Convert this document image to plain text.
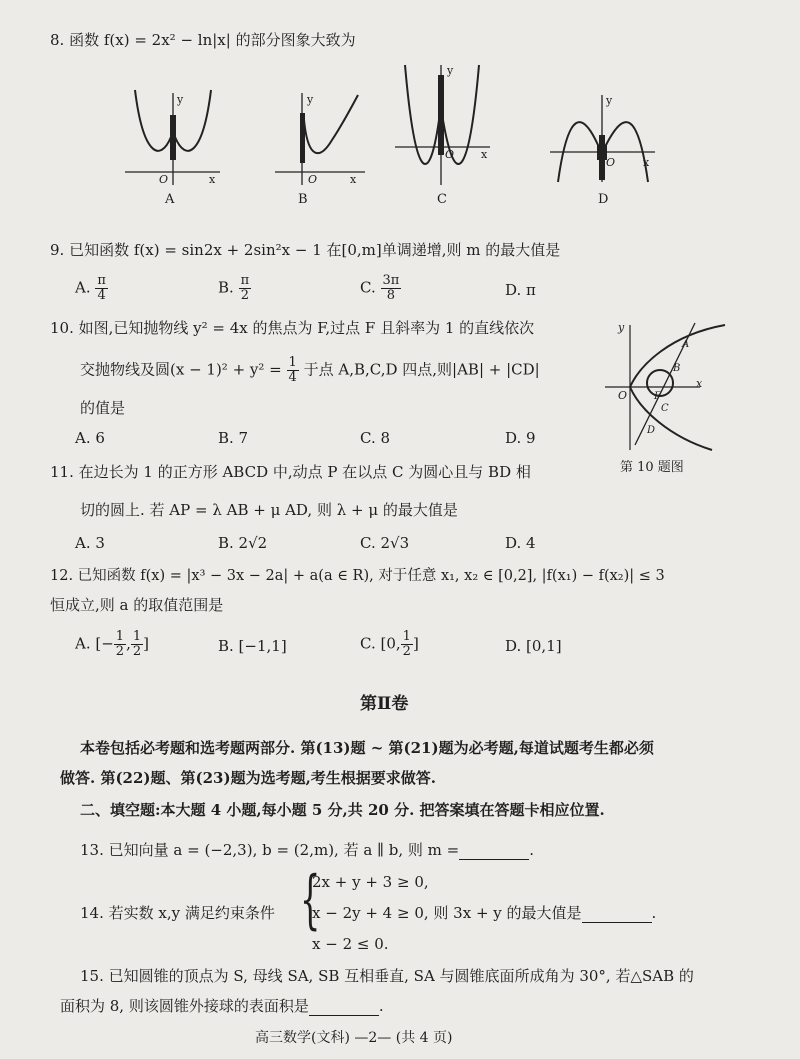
8. 函数 f(x) = 2x² − ln|x| 的部分图象大致为
y
O	x
A
y
O	x
B
y
O x
C
y
O	x
D
9. 已知函数 f(x) = sin2x + 2sin²x − 1 在[0,m]单调递增,则 m 的最大值是
A. $\frac{\pi}{4}$	B. $\frac{\pi}{2}$	C. $\frac{3\pi}{8}$	D. π
10. 如图,已知抛物线 y² = 4x 的焦点为 F,过点 F 且斜率为 1 的直线依次
交抛物线及圆$(x - 1)^2 + y^2 = \frac{1}{4}$ 于点 A,B,C,D 四点,则|AB| + |CD|
的值是
A. 6	B. 7	C. 8	D. 9
y
x
O
A
B
F
C
D
第 10 题图
11. 在边长为 1 的正方形 ABCD 中,动点 P 在以点 C 为圆心且与 BD 相
切的圆上. 若 AP = λ AB + μ AD, 则 λ + μ 的最大值是
A. 3	B. 2√2	C. 2√3	D. 4
12. 已知函数 f(x) = |x³ − 3x − 2a| + a(a ∈ R), 对于任意 x₁, x₂ ∈ [0,2], |f(x₁) − f(x₂)| ≤ 3
恒成立,则 a 的取值范围是
A. [− $\frac{1}{2}$ , $\frac{1}{2}$ ]	B. [−1,1]	C. [0, $\frac{1}{2}$ ]	D. [0,1]
第Ⅱ卷
本卷包括必考题和选考题两部分. 第(13)题 ~ 第(21)题为必考题,每道试题考生都必须
做答. 第(22)题、第(23)题为选考题,考生根据要求做答.
二、填空题:本大题 4 小题,每小题 5 分,共 20 分. 把答案填在答题卡相应位置.
13. 已知向量 a = (−2,3), b = (2,m), 若 a ∥ b, 则 m =	.
14. 若实数 x,y 满足约束条件 {
2x + y + 3 ≥ 0,
x − 2y + 4 ≥ 0, 则 3x + y 的最大值是	.
x − 2 ≤ 0.
15. 已知圆锥的顶点为 S, 母线 SA, SB 互相垂直, SA 与圆锥底面所成角为 30°, 若△SAB 的
面积为 8, 则该圆锥外接球的表面积是	.
高三数学(文科) —2— (共 4 页)
